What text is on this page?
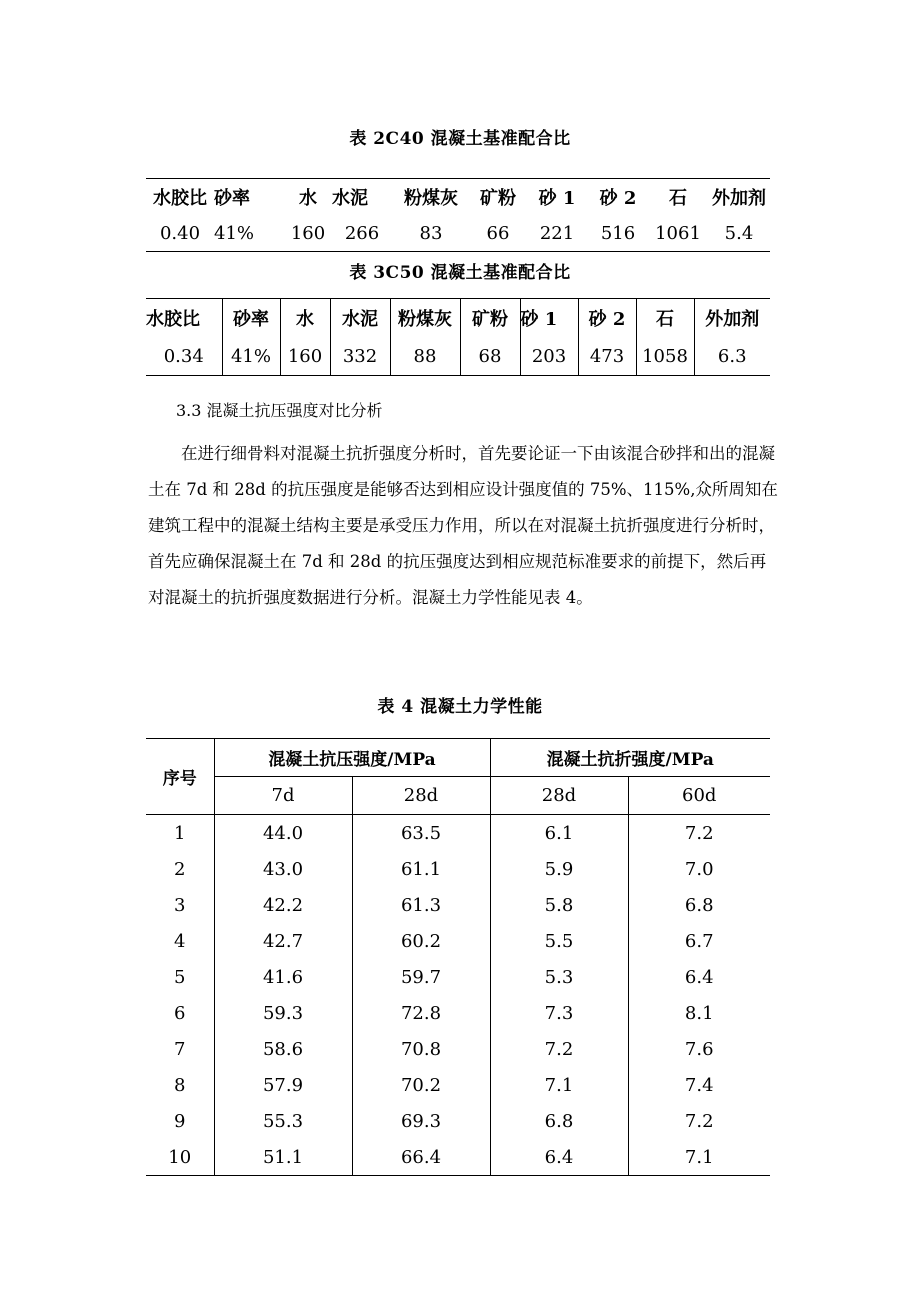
表 2C40 混凝土基准配合比
水胶比	砂率	水	水泥	粉煤灰	矿粉	砂 1	砂 2	石	外加剂
0.40	41%	160	266	83	66	221	516	1061	5.4
表 3C50 混凝土基准配合比
水胶比	砂率	水	水泥	粉煤灰	矿粉	砂 1	砂 2	石	外加剂
0.34	41%	160	332	88	68	203	473	1058	6.3
3.3 混凝土抗压强度对比分析

在进行细骨料对混凝土抗折强度分析时，首先要论证一下由该混合砂拌和出的混凝土在 7d 和 28d 的抗压强度是能够否达到相应设计强度值的 75%、115%,众所周知在建筑工程中的混凝土结构主要是承受压力作用，所以在对混凝土抗折强度进行分析时，首先应确保混凝土在 7d 和 28d 的抗压强度达到相应规范标准要求的前提下，然后再对混凝土的抗折强度数据进行分析。混凝土力学性能见表 4。

表 4 混凝土力学性能
序号	混凝土抗压强度/MPa		混凝土抗折强度/MPa	
	7d	28d	28d	60d
1	44.0	63.5	6.1	7.2
2	43.0	61.1	5.9	7.0
3	42.2	61.3	5.8	6.8
4	42.7	60.2	5.5	6.7
5	41.6	59.7	5.3	6.4
6	59.3	72.8	7.3	8.1
7	58.6	70.8	7.2	7.6
8	57.9	70.2	7.1	7.4
9	55.3	69.3	6.8	7.2
10	51.1	66.4	6.4	7.1
